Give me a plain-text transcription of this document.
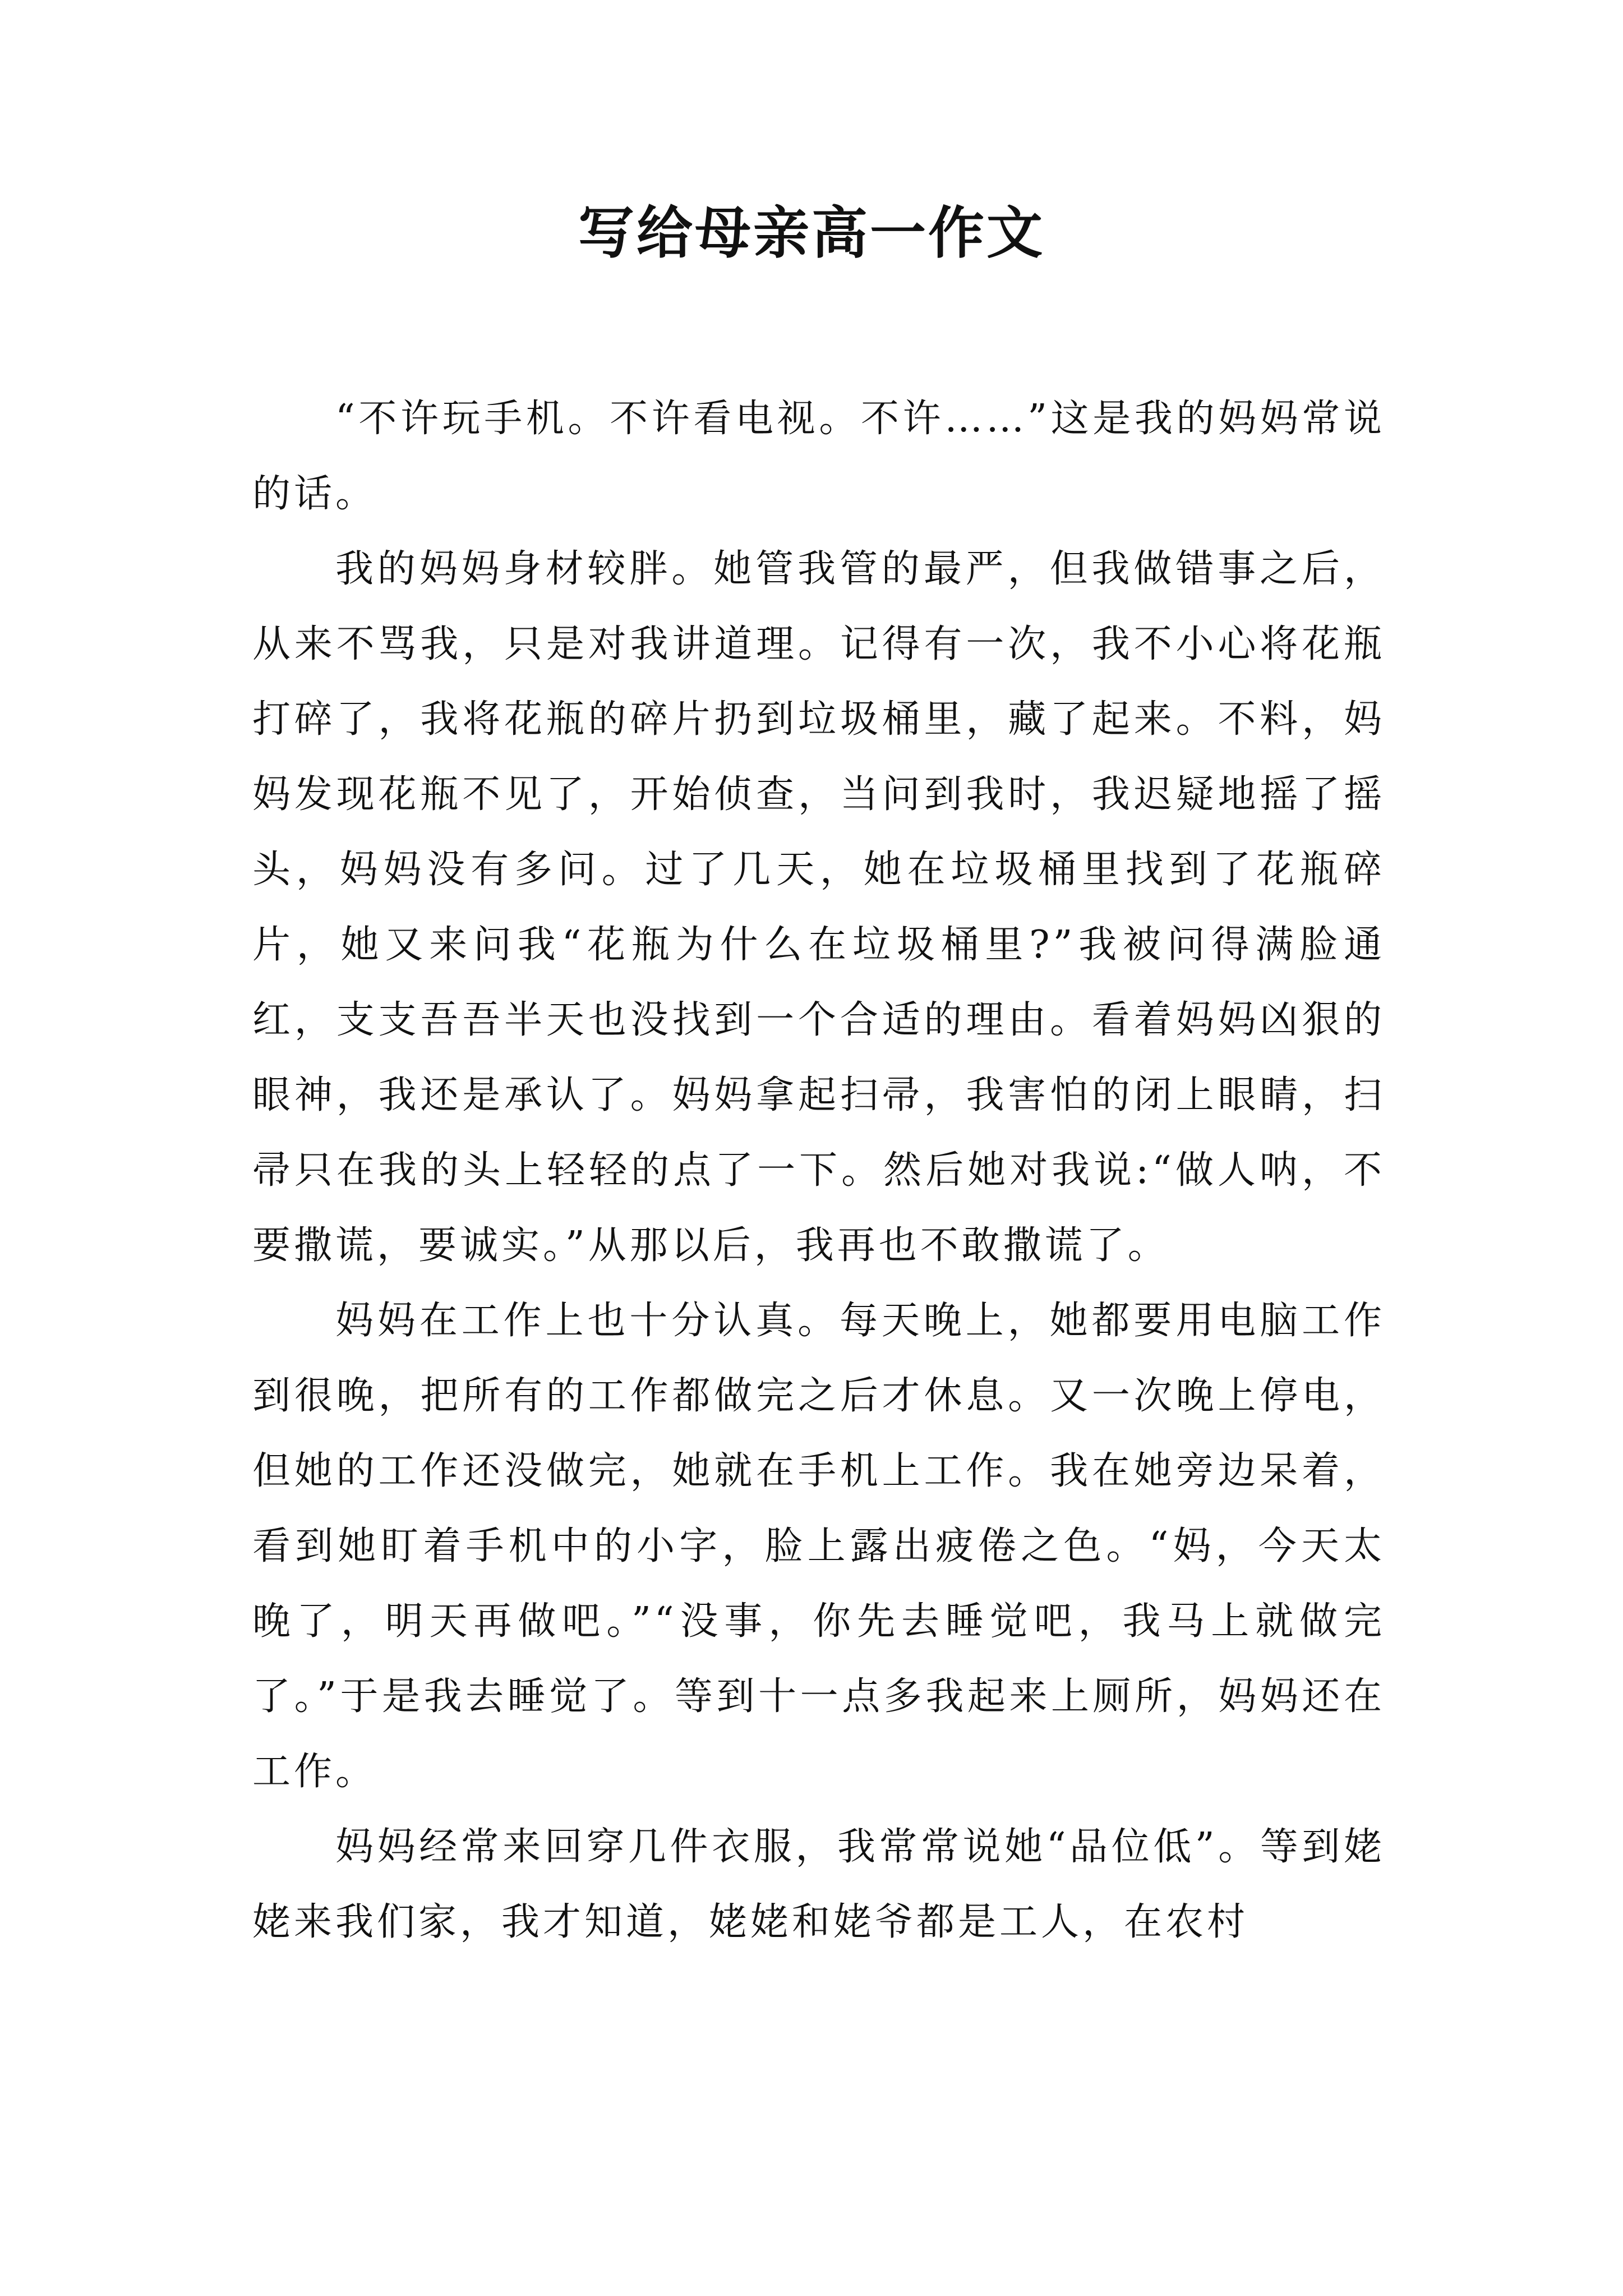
写给母亲高一作文

“不许玩手机。不许看电视。不许……”这是我的妈妈常说的话。

我的妈妈身材较胖。她管我管的最严，但我做错事之后，从来不骂我，只是对我讲道理。记得有一次，我不小心将花瓶打碎了，我将花瓶的碎片扔到垃圾桶里，藏了起来。不料，妈妈发现花瓶不见了，开始侦查，当问到我时，我迟疑地摇了摇头，妈妈没有多问。过了几天，她在垃圾桶里找到了花瓶碎片，她又来问我“花瓶为什么在垃圾桶里?”我被问得满脸通红，支支吾吾半天也没找到一个合适的理由。看着妈妈凶狠的眼神，我还是承认了。妈妈拿起扫帚，我害怕的闭上眼睛，扫帚只在我的头上轻轻的点了一下。然后她对我说:“做人呐，不要撒谎，要诚实。”从那以后，我再也不敢撒谎了。

妈妈在工作上也十分认真。每天晚上，她都要用电脑工作到很晚，把所有的工作都做完之后才休息。又一次晚上停电，但她的工作还没做完，她就在手机上工作。我在她旁边呆着，看到她盯着手机中的小字，脸上露出疲倦之色。“妈，今天太晚了，明天再做吧。”“没事，你先去睡觉吧，我马上就做完了。”于是我去睡觉了。等到十一点多我起来上厕所，妈妈还在工作。

妈妈经常来回穿几件衣服，我常常说她“品位低”。等到姥姥来我们家，我才知道，姥姥和姥爷都是工人，在农村
